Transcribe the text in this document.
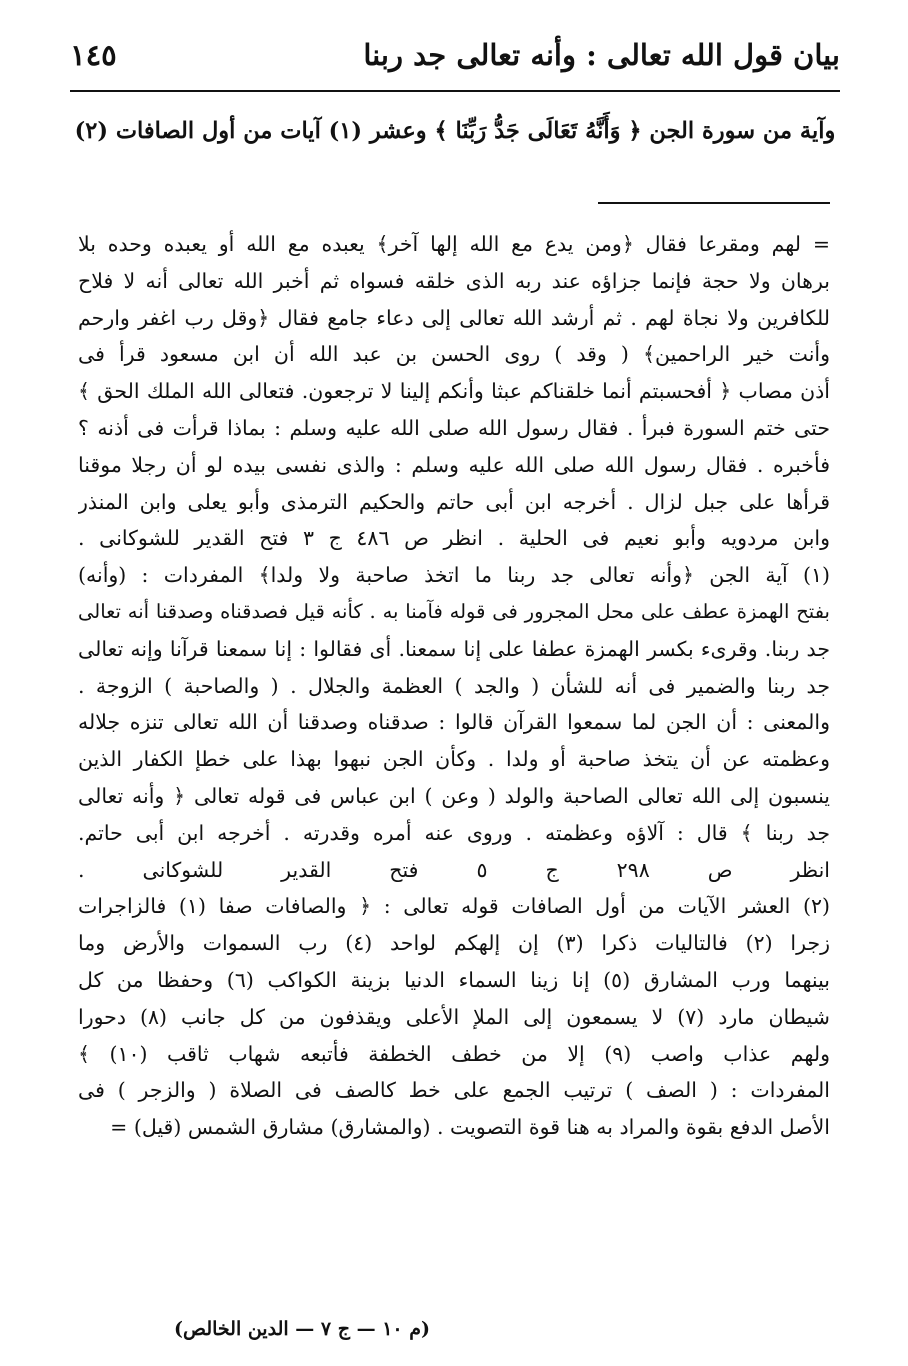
بيان قول الله تعالى : وأنه تعالى جد ربنا
١٤٥
وآية من سورة الجن ﴿ وَأَنَّهُ تَعَالَى جَدُّ رَبِّنَا ﴾ وعشر (١) آيات من أول الصافات (٢)
= لهم ومقرعا فقال ﴿ومن يدع مع الله إلها آخر﴾ يعبده مع الله أو يعبده وحده بلا
برهان ولا حجة فإنما جزاؤه عند ربه الذى خلقه فسواه ثم أخبر الله تعالى أنه لا فلاح
للكافرين ولا نجاة لهم . ثم أرشد الله تعالى إلى دعاء جامع فقال ﴿وقل رب اغفر وارحم
وأنت خير الراحمين﴾ ( وقد ) روى الحسن بن عبد الله أن ابن مسعود قرأ فى
أذن مصاب ﴿ أفحسبتم أنما خلقناكم عبثا وأنكم إلينا لا ترجعون. فتعالى الله الملك الحق ﴾
حتى ختم السورة فبرأ . فقال رسول الله صلى الله عليه وسلم : بماذا قرأت فى أذنه ؟
فأخبره . فقال رسول الله صلى الله عليه وسلم : والذى نفسى بيده لو أن رجلا موقنا
قرأها على جبل لزال . أخرجه ابن أبى حاتم والحكيم الترمذى وأبو يعلى وابن المنذر
وابن مردويه وأبو نعيم فى الحلية . انظر ص ٤٨٦ ج ٣ فتح القدير للشوكانى .
(١) آية الجن ﴿وأنه تعالى جد ربنا ما اتخذ صاحبة ولا ولدا﴾ المفردات : (وأنه)
بفتح الهمزة عطف على محل المجرور فى قوله فآمنا به . كأنه قيل فصدقناه وصدقنا أنه تعالى
جد ربنا. وقرىء بكسر الهمزة عطفا على إنا سمعنا. أى فقالوا : إنا سمعنا قرآنا وإنه تعالى
جد ربنا والضمير فى أنه للشأن ( والجد ) العظمة والجلال . ( والصاحبة ) الزوجة .
والمعنى : أن الجن لما سمعوا القرآن قالوا : صدقناه وصدقنا أن الله تعالى تنزه جلاله
وعظمته عن أن يتخذ صاحبة أو ولدا . وكأن الجن نبهوا بهذا على خطإ الكفار الذين
ينسبون إلى الله تعالى الصاحبة والولد ( وعن ) ابن عباس فى قوله تعالى ﴿ وأنه تعالى
جد ربنا ﴾ قال : آلاؤه وعظمته . وروى عنه أمره وقدرته . أخرجه ابن أبى حاتم.
انظر ص ٢٩٨ ج ٥ فتح القدير للشوكانى .
(٢) العشر الآيات من أول الصافات قوله تعالى : ﴿ والصافات صفا (١) فالزاجرات
زجرا (٢) فالتاليات ذكرا (٣) إن إلهكم لواحد (٤) رب السموات والأرض وما
بينهما ورب المشارق (٥) إنا زينا السماء الدنيا بزينة الكواكب (٦) وحفظا من كل
شيطان مارد (٧) لا يسمعون إلى الملإ الأعلى ويقذفون من كل جانب (٨) دحورا
ولهم عذاب واصب (٩) إلا من خطف الخطفة فأتبعه شهاب ثاقب (١٠) ﴾
المفردات : ( الصف ) ترتيب الجمع على خط كالصف فى الصلاة ( والزجر ) فى
الأصل الدفع بقوة والمراد به هنا قوة التصويت . (والمشارق) مشارق الشمس (قيل) =
(م ١٠ — ج ٧ — الدين الخالص)
